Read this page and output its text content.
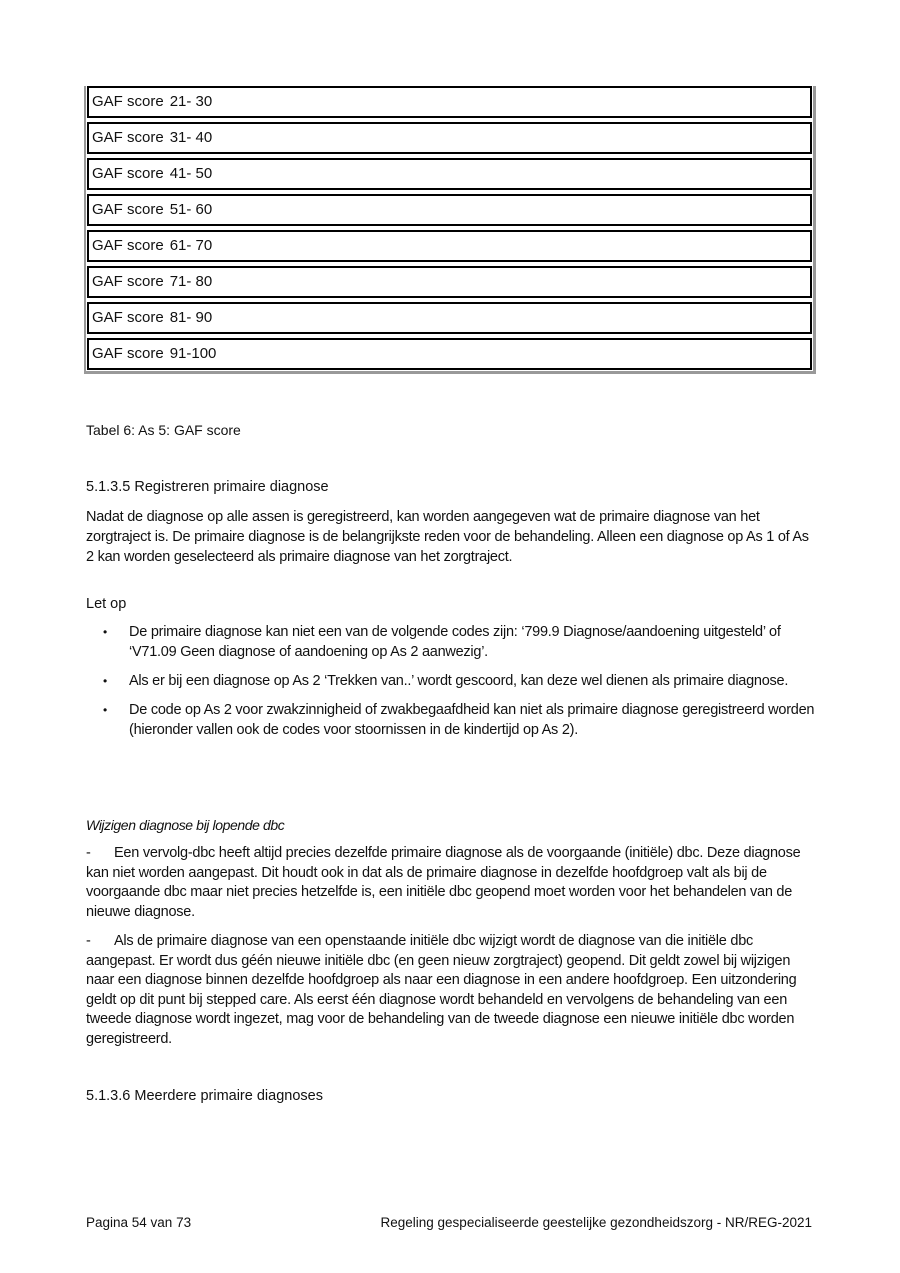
GAF score 21- 30
GAF score 31- 40
GAF score 41- 50
GAF score 51- 60
GAF score 61- 70
GAF score 71- 80
GAF score 81- 90
GAF score 91-100
Tabel 6: As 5: GAF score
5.1.3.5 Registreren primaire diagnose
Nadat de diagnose op alle assen is geregistreerd, kan worden aangegeven wat de primaire diagnose van het zorgtraject is. De primaire diagnose is de belangrijkste reden voor de behandeling. Alleen een diagnose op As 1 of As 2 kan worden geselecteerd als primaire diagnose van het zorgtraject.
Let op
•
De primaire diagnose kan niet een van de volgende codes zijn: ‘799.9 Diagnose/aandoening uitgesteld’ of ‘V71.09 Geen diagnose of aandoening op As 2 aanwezig’.
•
Als er bij een diagnose op As 2 ‘Trekken van..’ wordt gescoord, kan deze wel dienen als primaire diagnose.
•
De code op As 2 voor zwakzinnigheid of zwakbegaafdheid kan niet als primaire diagnose geregistreerd worden (hieronder vallen ook de codes voor stoornissen in de kindertijd op As 2).
Wijzigen diagnose bij lopende dbc
- Een vervolg-dbc heeft altijd precies dezelfde primaire diagnose als de voorgaande (initiële) dbc. Deze diagnose kan niet worden aangepast. Dit houdt ook in dat als de primaire diagnose in dezelfde hoofdgroep valt als bij de voorgaande dbc maar niet precies hetzelfde is, een initiële dbc geopend moet worden voor het behandelen van de nieuwe diagnose.
- Als de primaire diagnose van een openstaande initiële dbc wijzigt wordt de diagnose van die initiële dbc aangepast. Er wordt dus géén nieuwe initiële dbc (en geen nieuw zorgtraject) geopend. Dit geldt zowel bij wijzigen naar een diagnose binnen dezelfde hoofdgroep als naar een diagnose in een andere hoofdgroep. Een uitzondering geldt op dit punt bij stepped care. Als eerst één diagnose wordt behandeld en vervolgens de behandeling van een tweede diagnose wordt ingezet, mag voor de behandeling van de tweede diagnose een nieuwe initiële dbc worden geregistreerd.
5.1.3.6 Meerdere primaire diagnoses
Pagina 54 van 73	Regeling gespecialiseerde geestelijke gezondheidszorg - NR/REG-2021
